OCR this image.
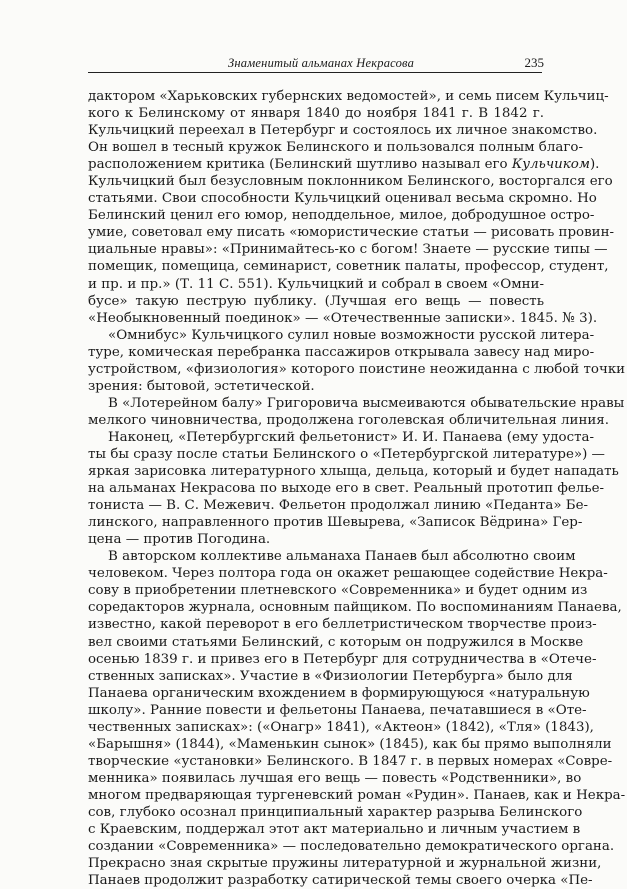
Знаменитый альманах Некрасова	235
дактором «Харьковских губернских ведомостей», и семь писем Кульчиц-
кого к Белинскому от января 1840 до ноября 1841 г. В 1842 г.
Кульчицкий переехал в Петербург и состоялось их личное знакомство.
Он вошел в тесный кружок Белинского и пользовался полным благо-
расположением критика (Белинский шутливо называл его Кульчиком).
Кульчицкий был безусловным поклонником Белинского, восторгался его
статьями. Свои способности Кульчицкий оценивал весьма скромно. Но
Белинский ценил его юмор, неподдельное, милое, добродушное остро-
умие, советовал ему писать «юмористические статьи — рисовать провин-
циальные нравы»: «Принимайтесь-ко с богом! Знаете — русские типы —
помещик, помещица, семинарист, советник палаты, профессор, студент,
и пр. и пр.» (Т. 11 С. 551). Кульчицкий и собрал в своем «Омни-
бусе» такую пеструю публику. (Лучшая его вещь — повесть
«Необыкновенный поединок» — «Отечественные записки». 1845. № 3).
«Омнибус» Кульчицкого сулил новые возможности русской литера-
туре, комическая перебранка пассажиров открывала завесу над миро-
устройством, «физиология» которого поистине неожиданна с любой точки
зрения: бытовой, эстетической.
В «Лотерейном балу» Григоровича высмеиваются обывательские нравы
мелкого чиновничества, продолжена гоголевская обличительная линия.
Наконец, «Петербургский фельетонист» И. И. Панаева (ему удоста-
ты бы сразу после статьи Белинского о «Петербургской литературе») —
яркая зарисовка литературного хлыща, дельца, который и будет нападать
на альманах Некрасова по выходе его в свет. Реальный прототип фелье-
тониста — В. С. Межевич. Фельетон продолжал линию «Педанта» Бе-
линского, направленного против Шевырева, «Записок Вёдрина» Гер-
цена — против Погодина.
В авторском коллективе альманаха Панаев был абсолютно своим
человеком. Через полтора года он окажет решающее содействие Некра-
сову в приобретении плетневского «Современника» и будет одним из
соредакторов журнала, основным пайщиком. По воспоминаниям Панаева,
известно, какой переворот в его беллетристическом творчестве произ-
вел своими статьями Белинский, с которым он подружился в Москве
осенью 1839 г. и привез его в Петербург для сотрудничества в «Отече-
ственных записках». Участие в «Физиологии Петербурга» было для
Панаева органическим вхождением в формирующуюся «натуральную
школу». Ранние повести и фельетоны Панаева, печатавшиеся в «Оте-
чественных записках»: («Онагр» 1841), «Актеон» (1842), «Тля» (1843),
«Барышня» (1844), «Маменькин сынок» (1845), как бы прямо выполняли
творческие «установки» Белинского. В 1847 г. в первых номерах «Совре-
менника» появилась лучшая его вещь — повесть «Родственники», во
многом предваряющая тургеневский роман «Рудин». Панаев, как и Некра-
сов, глубоко осознал принципиальный характер разрыва Белинского
с Краевским, поддержал этот акт материально и личным участием в
создании «Современника» — последовательно демократического органа.
Прекрасно зная скрытые пружины литературной и журнальной жизни,
Панаев продолжит разработку сатирической темы своего очерка «Пе-
